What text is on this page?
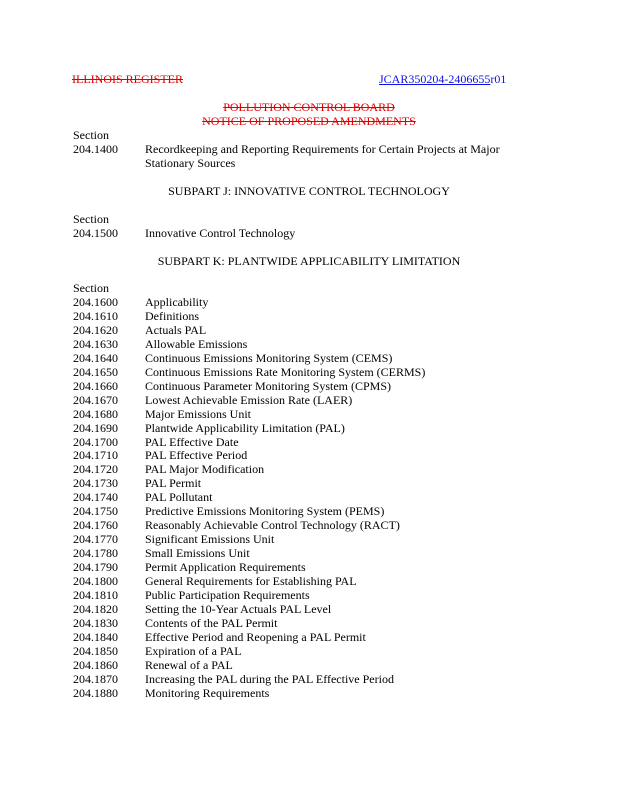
ILLINOIS REGISTER	JCAR350204-2406655r01
POLLUTION CONTROL BOARD
NOTICE OF PROPOSED AMENDMENTS
Section
204.1400 Recordkeeping and Reporting Requirements for Certain Projects at Major Stationary Sources
SUBPART J: INNOVATIVE CONTROL TECHNOLOGY
Section
204.1500 Innovative Control Technology
SUBPART K: PLANTWIDE APPLICABILITY LIMITATION
Section
204.1600 Applicability
204.1610 Definitions
204.1620 Actuals PAL
204.1630 Allowable Emissions
204.1640 Continuous Emissions Monitoring System (CEMS)
204.1650 Continuous Emissions Rate Monitoring System (CERMS)
204.1660 Continuous Parameter Monitoring System (CPMS)
204.1670 Lowest Achievable Emission Rate (LAER)
204.1680 Major Emissions Unit
204.1690 Plantwide Applicability Limitation (PAL)
204.1700 PAL Effective Date
204.1710 PAL Effective Period
204.1720 PAL Major Modification
204.1730 PAL Permit
204.1740 PAL Pollutant
204.1750 Predictive Emissions Monitoring System (PEMS)
204.1760 Reasonably Achievable Control Technology (RACT)
204.1770 Significant Emissions Unit
204.1780 Small Emissions Unit
204.1790 Permit Application Requirements
204.1800 General Requirements for Establishing PAL
204.1810 Public Participation Requirements
204.1820 Setting the 10-Year Actuals PAL Level
204.1830 Contents of the PAL Permit
204.1840 Effective Period and Reopening a PAL Permit
204.1850 Expiration of a PAL
204.1860 Renewal of a PAL
204.1870 Increasing the PAL during the PAL Effective Period
204.1880 Monitoring Requirements
